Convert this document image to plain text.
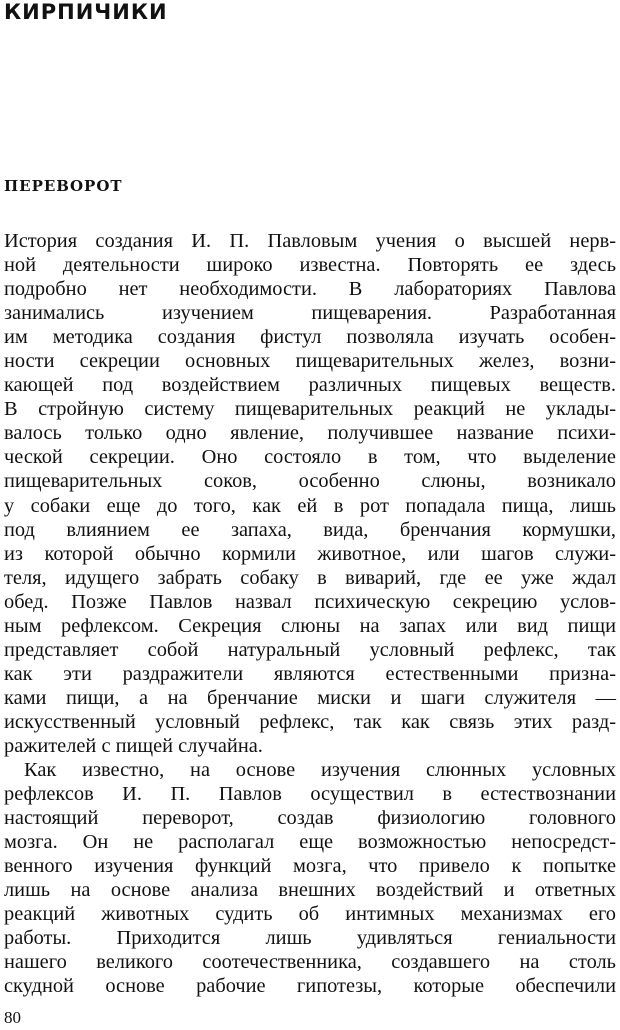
КИРПИЧИКИ
ПЕРЕВОРОТ
История создания И. П. Павловым учения о высшей нерв-
ной деятельности широко известна. Повторять ее здесь
подробно нет необходимости. В лабораториях Павлова
занимались изучением пищеварения. Разработанная
им методика создания фистул позволяла изучать особен-
ности секреции основных пищеварительных желез, возни-
кающей под воздействием различных пищевых веществ.
В стройную систему пищеварительных реакций не уклады-
валось только одно явление, получившее название психи-
ческой секреции. Оно состояло в том, что выделение
пищеварительных соков, особенно слюны, возникало
у собаки еще до того, как ей в рот попадала пища, лишь
под влиянием ее запаха, вида, бренчания кормушки,
из которой обычно кормили животное, или шагов служи-
теля, идущего забрать собаку в виварий, где ее уже ждал
обед. Позже Павлов назвал психическую секрецию услов-
ным рефлексом. Секреция слюны на запах или вид пищи
представляет собой натуральный условный рефлекс, так
как эти раздражители являются естественными призна-
ками пищи, а на бренчание миски и шаги служителя —
искусственный условный рефлекс, так как связь этих разд-
ражителей с пищей случайна.
Как известно, на основе изучения слюнных условных
рефлексов И. П. Павлов осуществил в естествознании
настоящий переворот, создав физиологию головного
мозга. Он не располагал еще возможностью непосредст-
венного изучения функций мозга, что привело к попытке
лишь на основе анализа внешних воздействий и ответных
реакций животных судить об интимных механизмах его
работы. Приходится лишь удивляться гениальности
нашего великого соотечественника, создавшего на столь
скудной основе рабочие гипотезы, которые обеспечили
80
